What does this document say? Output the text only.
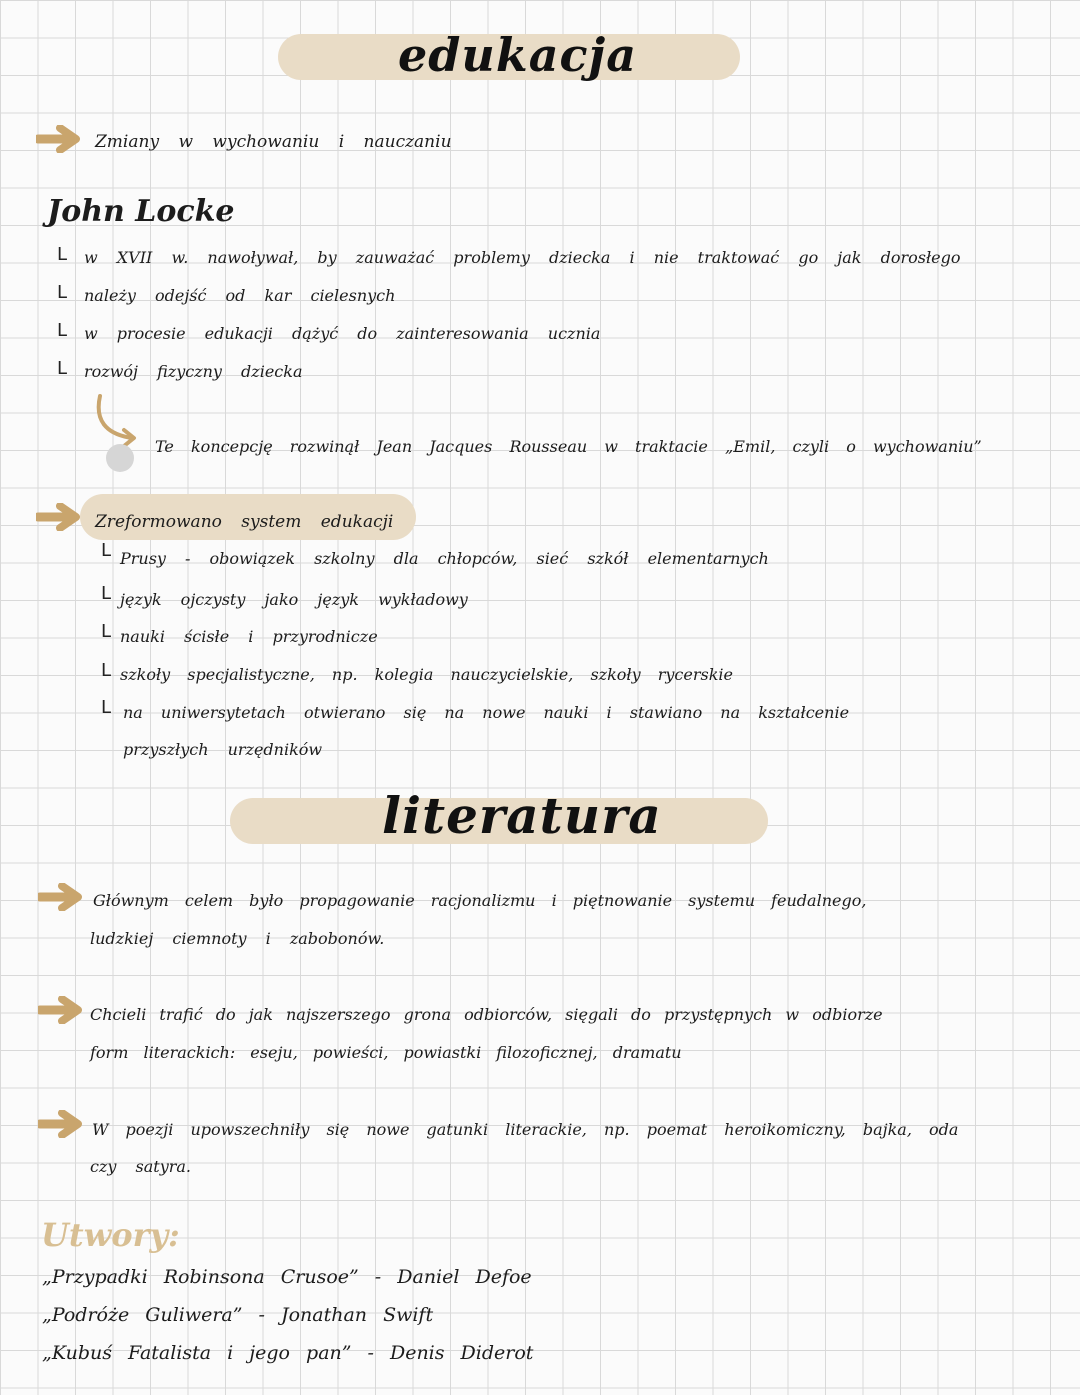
edukacja
Zmiany w wychowaniu i nauczaniu
John Locke
L w XVII w. nawoływał, by zauważać problemy dziecka i nie traktować go jak dorosłego
L należy odejść od kar cielesnych
L w procesie edukacji dążyć do zainteresowania ucznia
L rozwój fizyczny dziecka
Te koncepcję rozwinął Jean Jacques Rousseau w traktacie „Emil, czyli o wychowaniu”
Zreformowano system edukacji
L Prusy - obowiązek szkolny dla chłopców, sieć szkół elementarnych
L język ojczysty jako język wykładowy
L nauki ścisłe i przyrodnicze
L szkoły specjalistyczne, np. kolegia nauczycielskie, szkoły rycerskie
L na uniwersytetach otwierano się na nowe nauki i stawiano na kształcenie
przyszłych urzędników
literatura
Głównym celem było propagowanie racjonalizmu i piętnowanie systemu feudalnego,
ludzkiej ciemnoty i zabobonów.
Chcieli trafić do jak najszerszego grona odbiorców, sięgali do przystępnych w odbiorze
form literackich: eseju, powieści, powiastki filozoficznej, dramatu
W poezji upowszechniły się nowe gatunki literackie, np. poemat heroikomiczny, bajka, oda
czy satyra.
Utwory:
„Przypadki Robinsona Crusoe” - Daniel Defoe
„Podróże Guliwera” - Jonathan Swift
„Kubuś Fatalista i jego pan” - Denis Diderot
